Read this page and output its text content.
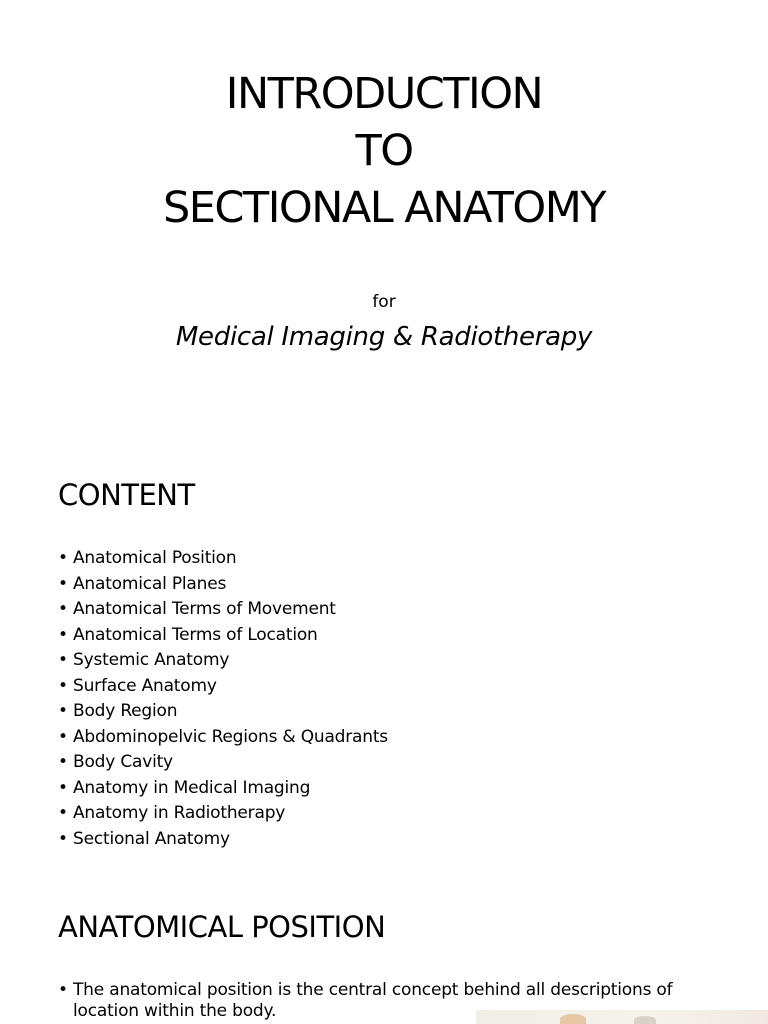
INTRODUCTION
TO
SECTIONAL ANATOMY
for
Medical Imaging & Radiotherapy
CONTENT
• Anatomical Position
• Anatomical Planes
• Anatomical Terms of Movement
• Anatomical Terms of Location
• Systemic Anatomy
• Surface Anatomy
• Body Region
• Abdominopelvic Regions & Quadrants
• Body Cavity
• Anatomy in Medical Imaging
• Anatomy in Radiotherapy
• Sectional Anatomy
ANATOMICAL POSITION
• The anatomical position is the central concept behind all descriptions of location within the body.
